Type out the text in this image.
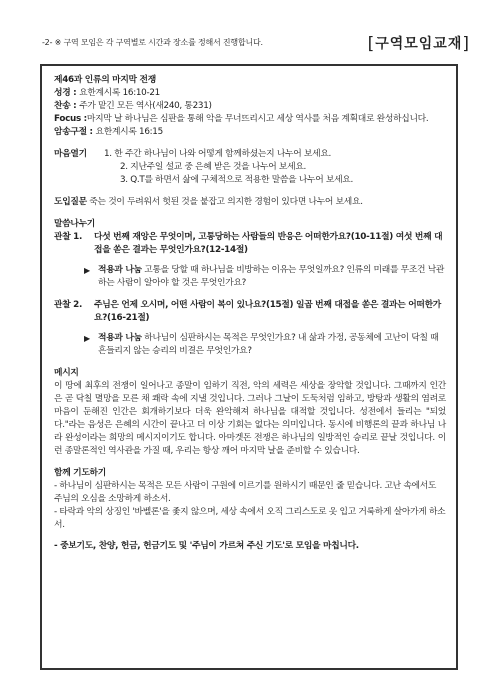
-2- ※ 구역 모임은 각 구역별로 시간과 장소를 정해서 진행합니다.	[구역모임교재]

제46과 인류의 마지막 전쟁

성경 : 요한계시록 16:10-21

찬송 : 주가 맡긴 모든 역사(새240, 통231)

Focus : 마지막 날 하나님은 심판을 통해 악을 무너뜨리시고 세상 역사를 처음 계획대로 완성하십니다.

암송구절 : 요한계시록 16:15

마음열기	1. 한 주간 하나님이 나와 어떻게 함께하셨는지 나누어 보세요.

2. 지난주일 설교 중 은혜 받은 것을 나누어 보세요.

3. Q.T를 하면서 삶에 구체적으로 적용한 말씀을 나누어 보세요.

도입질문 죽는 것이 두려워서 헛된 것을 붙잡고 의지한 경험이 있다면 나누어 보세요.

말씀나누기

관찰 1.	다섯 번째 재앙은 무엇이며, 고통당하는 사람들의 반응은 어떠한가요?(10-11절) 여섯 번째 대접을 쏟은 결과는 무엇인가요?(12-14절)
▶ 적용과 나눔 고통을 당할 때 하나님을 비방하는 이유는 무엇일까요? 인류의 미래를 무조건 낙관하는 사람이 알아야 할 것은 무엇인가요?
관찰 2.	주님은 언제 오시며, 어떤 사람이 복이 있나요?(15절) 일곱 번째 대접을 쏟은 결과는 어떠한가요?(16-21절)
▶ 적용과 나눔 하나님이 심판하시는 목적은 무엇인가요? 내 삶과 가정, 공동체에 고난이 닥칠 때 흔들리지 않는 승리의 비결은 무엇인가요?

메시지

이 땅에 최후의 전쟁이 일어나고 종말이 임하기 직전, 악의 세력은 세상을 장악할 것입니다. 그때까지 인간은 곧 닥칠 멸망을 모른 채 쾌락 속에 지낼 것입니다. 그러나 그날이 도둑처럼 임하고, 방탕과 생활의 염려로 마음이 둔해진 인간은 회개하기보다 더욱 완악해져 하나님을 대적할 것입니다. 성전에서 들리는 "되었다."라는 음성은 은혜의 시간이 끝나고 더 이상 기회는 없다는 의미입니다. 동시에 비행론의 끝과 하나님 나라 완성이라는 희망의 메시지이기도 합니다. 아마겟돈 전쟁은 하나님의 일방적인 승리로 끝날 것입니다. 이런 종말론적인 역사관을 가질 때, 우리는 항상 깨어 마지막 날을 준비할 수 있습니다.

함께 기도하기

- 하나님이 심판하시는 목적은 모든 사람이 구원에 이르기를 원하시기 때문인 줄 믿습니다. 고난 속에서도 주님의 오심을 소망하게 하소서.

- 타락과 악의 상징인 '바벨론'을 좇지 않으며, 세상 속에서 오직 그리스도로 옷 입고 거룩하게 살아가게 하소서.

- 중보기도, 찬양, 헌금, 헌금기도 및 '주님이 가르쳐 주신 기도'로 모임을 마칩니다.
